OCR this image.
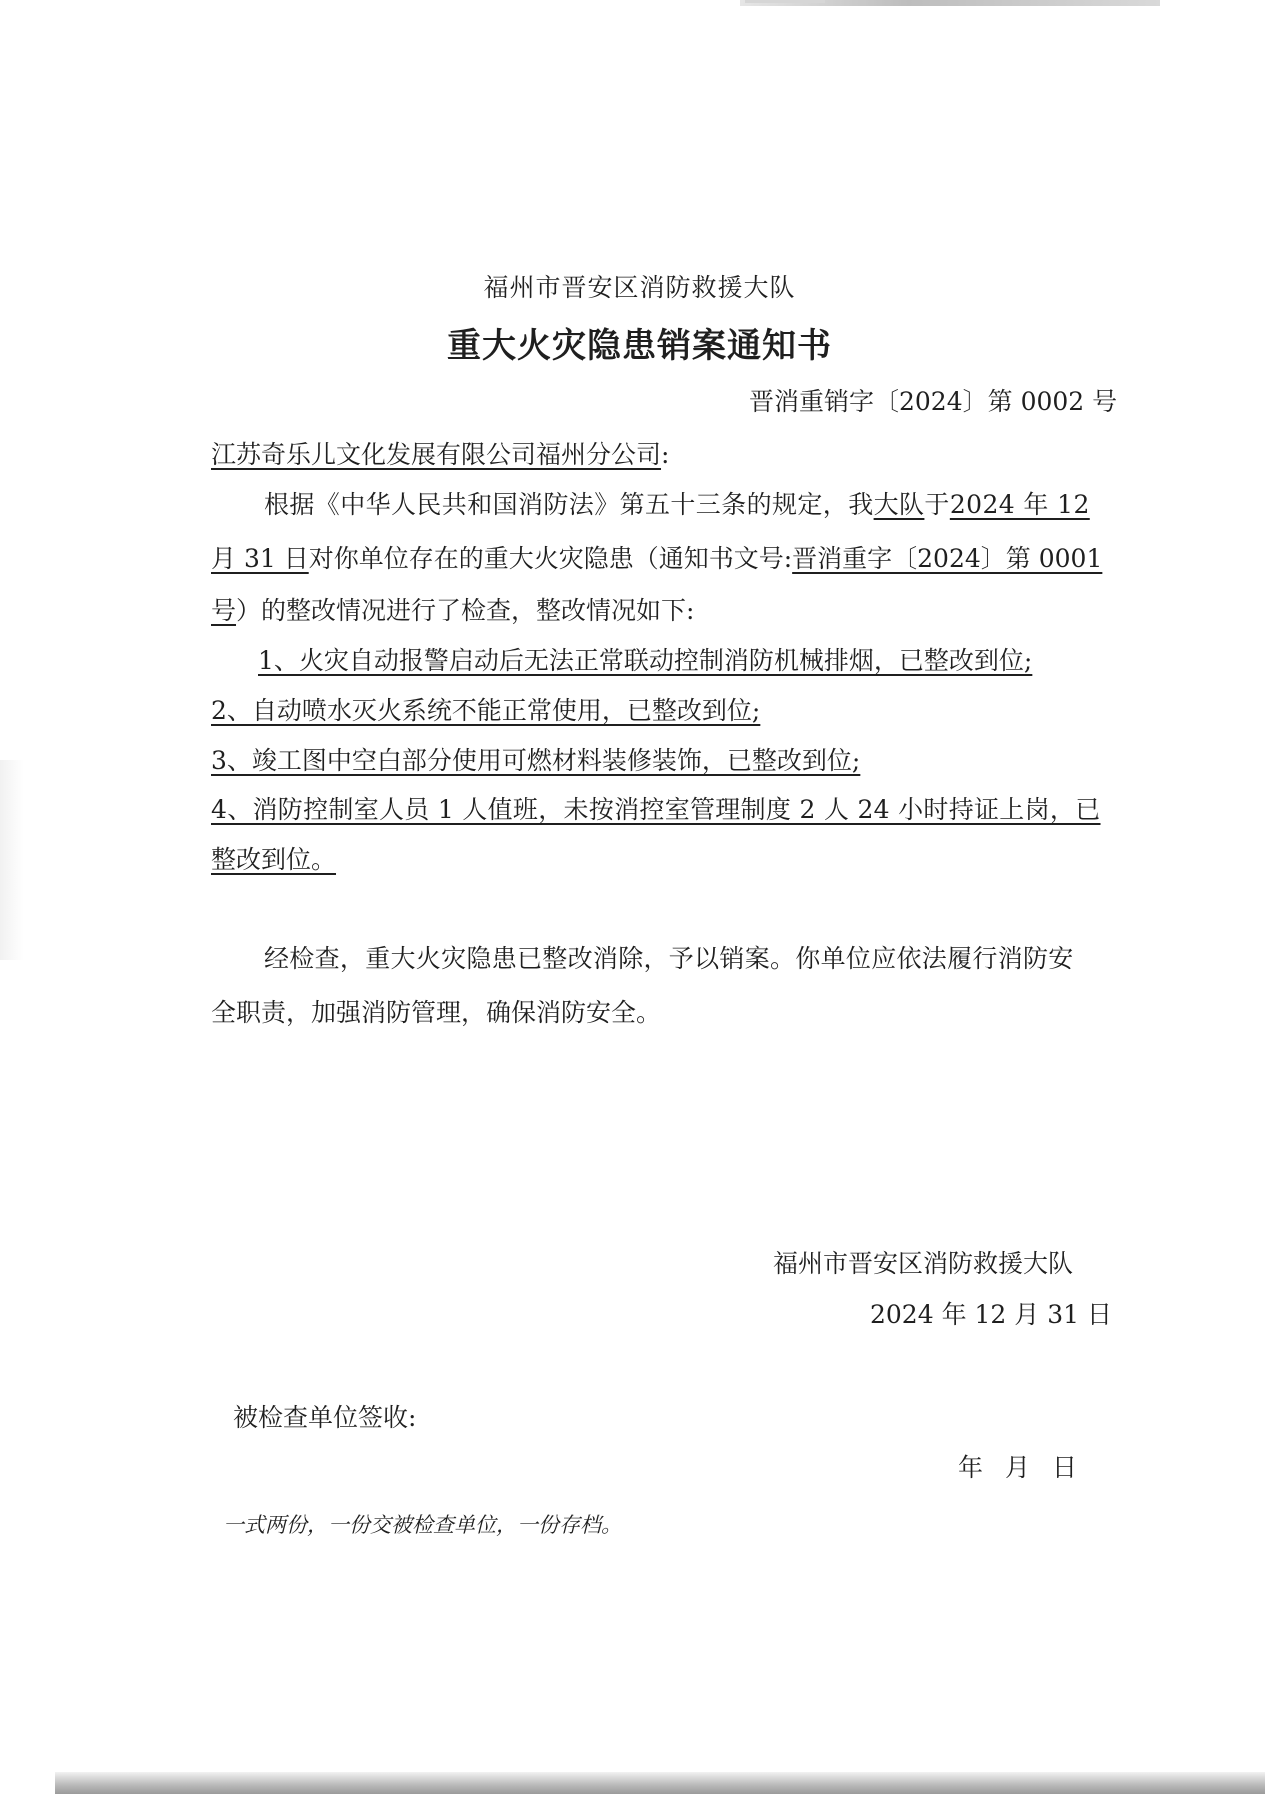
福州市晋安区消防救援大队
重大火灾隐患销案通知书
晋消重销字〔2024〕第 0002 号
江苏奇乐儿文化发展有限公司福州分公司:
根据《中华人民共和国消防法》第五十三条的规定，我大队于2024 年 12
月 31 日对你单位存在的重大火灾隐患（通知书文号:晋消重字〔2024〕第 0001
号）的整改情况进行了检查，整改情况如下:
1、火灾自动报警启动后无法正常联动控制消防机械排烟，已整改到位;
2、自动喷水灭火系统不能正常使用，已整改到位;
3、竣工图中空白部分使用可燃材料装修装饰，已整改到位;
4、消防控制室人员 1 人值班，未按消控室管理制度 2 人 24 小时持证上岗，已
整改到位。
经检查，重大火灾隐患已整改消除，予以销案。你单位应依法履行消防安
全职责，加强消防管理，确保消防安全。
福州市晋安区消防救援大队
2024 年 12 月 31 日
被检查单位签收:
年 月 日
一式两份，一份交被检查单位，一份存档。
